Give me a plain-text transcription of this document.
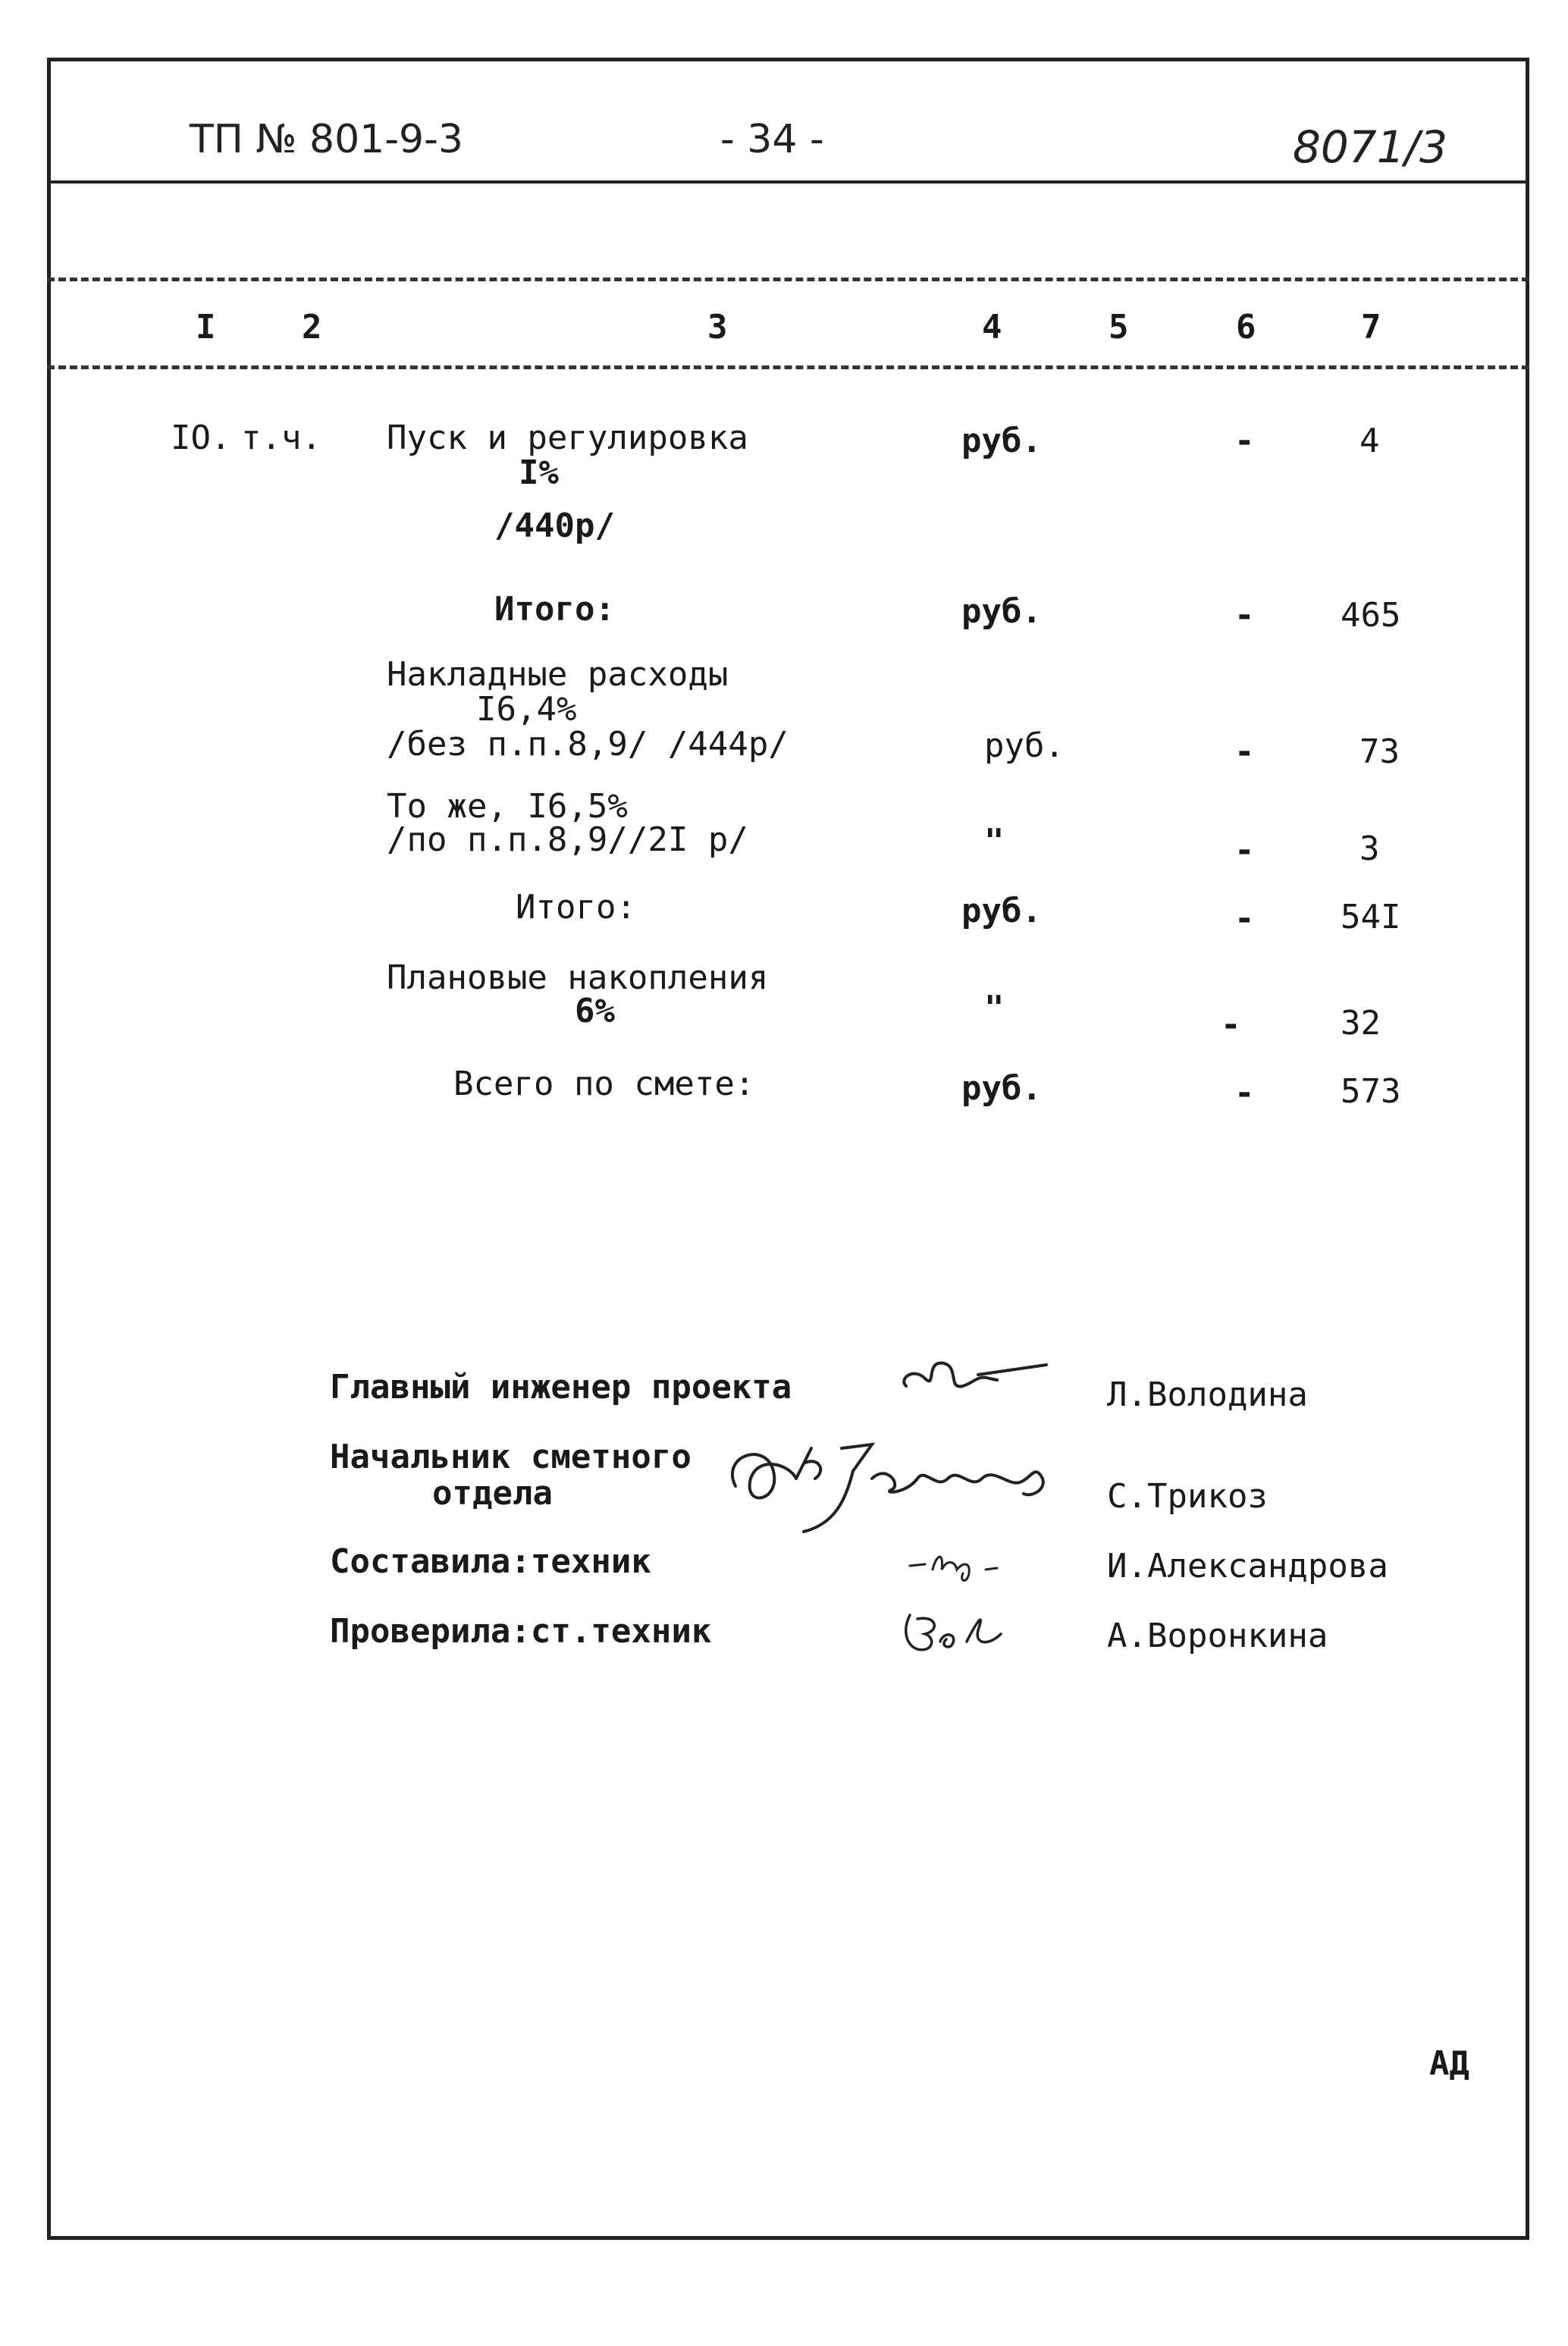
ТП № 801-9-3	- 34 -	8071/3
I	2	3	4	5	6	7
IO. т.ч. Пуск и регулировка
I%
/440р/
руб.	-	4
Итого:	руб.	-	465
Накладные расходы
I6,4%
/без п.п.8,9/ /444р/	руб.	-	73
То же, I6,5%
/по п.п.8,9//2I р/	"	-	3
Итого:	руб.	-	54I
Плановые накопления
6%	"	-	32
Всего по смете:	руб.	-	573
Главный инженер проекта	Л.Володина
Начальник сметного
отдела	С.Трикоз
Составила:техник	И.Александрова
Проверила:ст.техник	А.Воронкина
АД
